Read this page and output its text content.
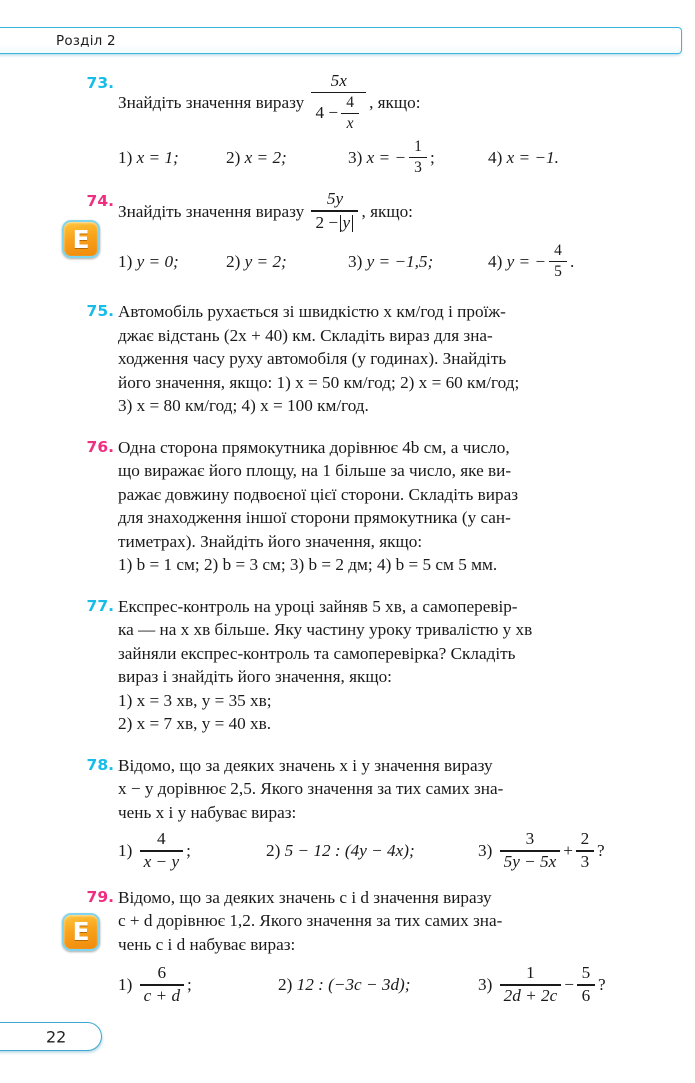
Розділ 2
73.
Знайдіть значення виразу

5x
$4 - \frac{4}{x}$ , якщо:
1)
x = 1;	2)
x = 2;	3)
x = − $\frac{1}{3}$ ;	4)
x = −1.
74.
Е
Знайдіть значення виразу
$\frac{5y}{2 - y}$ , якщо:
1)
y = 0;	2)
y = 2;	3)
y = −1,5;	4)
y = − $\frac{4}{5}$ .
75. Автомобіль рухається зі швидкістю x км/год і проїж-
джає відстань (2x + 40) км. Складіть вираз для зна-
ходження часу руху автомобіля (у годинах). Знайдіть
його значення, якщо: 1) x = 50 км/год; 2) x = 60 км/год;
3) x = 80 км/год; 4) x = 100 км/год.
76. Одна сторона прямокутника дорівнює 4b см, а число,
що виражає його площу, на 1 більше за число, яке ви-
ражає довжину подвоєної цієї сторони. Складіть вираз
для знаходження іншої сторони прямокутника (у сан-
тиметрах). Знайдіть його значення, якщо:
1) b = 1 см; 2) b = 3 см; 3) b = 2 дм; 4) b = 5 см 5 мм.
77. Експрес-контроль на уроці зайняв 5 хв, а самоперевір-
ка — на x хв більше. Яку частину уроку тривалістю y хв
зайняли експрес-контроль та самоперевірка? Складіть
вираз і знайдіть його значення, якщо:
1) x = 3 хв, y = 35 хв;
2) x = 7 хв, y = 40 хв.
78. Відомо, що за деяких значень x і y значення виразу
x − y дорівнює 2,5. Якого значення за тих самих зна-
чень x і y набуває вираз:
1)
$\frac{4}{x - y}$ ;	2)
5 − 12 : (4y − 4x);	3)
$\frac{3}{5y - 5x} + \frac{2}{3}$ ?
79.
Е
Відомо, що за деяких значень c і d значення виразу
c + d дорівнює 1,2. Якого значення за тих самих зна-
чень c і d набуває вираз:
1)
$\frac{6}{c + d}$ ;	2)
12 : (−3c − 3d);	3)
$\frac{1}{2d + 2c} - \frac{5}{6}$ ?
22
